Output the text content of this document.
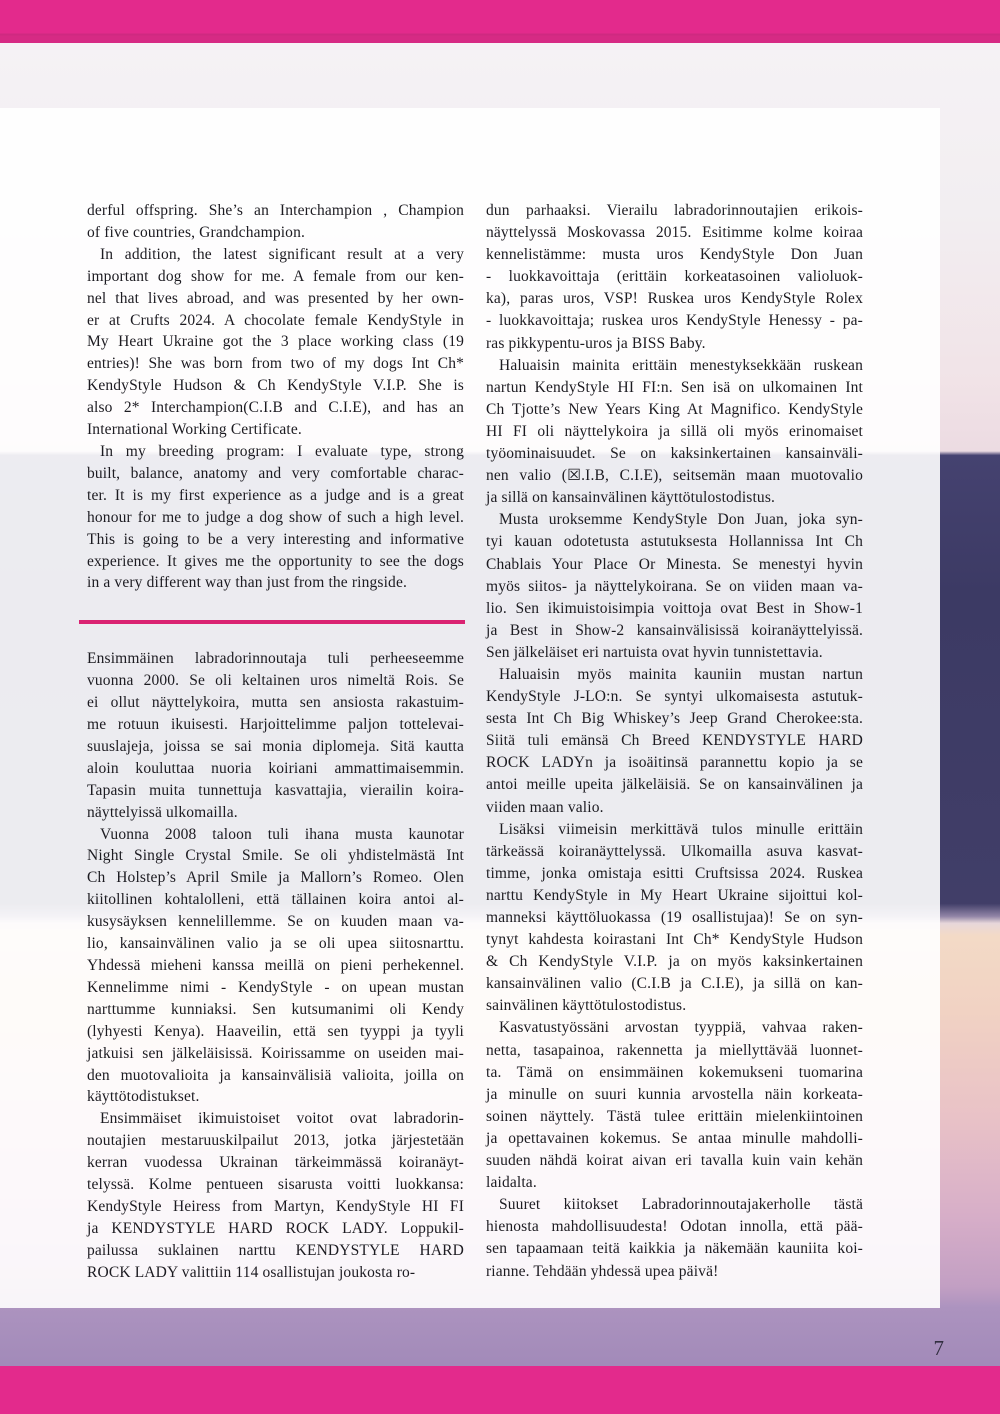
derful offspring. She’s an Interchampion , Champion
of five countries, Grandchampion.
In addition, the latest significant result at a very
important dog show for me. A female from our ken-
nel that lives abroad, and was presented by her own-
er at Crufts 2024. A chocolate female KendyStyle in
My Heart Ukraine got the 3 place working class (19
entries)! She was born from two of my dogs Int Ch*
KendyStyle Hudson & Ch KendyStyle V.I.P. She is
also 2* Interchampion(C.I.B and C.I.E), and has an
International Working Certificate.
In my breeding program: I evaluate type, strong
built, balance, anatomy and very comfortable charac-
ter. It is my first experience as a judge and is a great
honour for me to judge a dog show of such a high level.
This is going to be a very interesting and informative
experience. It gives me the opportunity to see the dogs
in a very different way than just from the ringside.
Ensimmäinen labradorinnoutaja tuli perheeseemme
vuonna 2000. Se oli keltainen uros nimeltä Rois. Se
ei ollut näyttelykoira, mutta sen ansiosta rakastuim-
me rotuun ikuisesti. Harjoittelimme paljon tottelevai-
suuslajeja, joissa se sai monia diplomeja. Sitä kautta
aloin kouluttaa nuoria koiriani ammattimaisemmin.
Tapasin muita tunnettuja kasvattajia, vierailin koira-
näyttelyissä ulkomailla.
Vuonna 2008 taloon tuli ihana musta kaunotar
Night Single Crystal Smile. Se oli yhdistelmästä Int
Ch Holstep’s April Smile ja Mallorn’s Romeo. Olen
kiitollinen kohtalolleni, että tällainen koira antoi al-
kusysäyksen kennelillemme. Se on kuuden maan va-
lio, kansainvälinen valio ja se oli upea siitosnarttu.
Yhdessä mieheni kanssa meillä on pieni perhekennel.
Kennelimme nimi - KendyStyle - on upean mustan
narttumme kunniaksi. Sen kutsumanimi oli Kendy
(lyhyesti Kenya). Haaveilin, että sen tyyppi ja tyyli
jatkuisi sen jälkeläisissä. Koirissamme on useiden mai-
den muotovalioita ja kansainvälisiä valioita, joilla on
käyttötodistukset.
Ensimmäiset ikimuistoiset voitot ovat labradorin-
noutajien mestaruuskilpailut 2013, jotka järjestetään
kerran vuodessa Ukrainan tärkeimmässä koiranäyt-
telyssä. Kolme pentueen sisarusta voitti luokkansa:
KendyStyle Heiress from Martyn, KendyStyle HI FI
ja KENDYSTYLE HARD ROCK LADY. Loppukil-
pailussa suklainen narttu KENDYSTYLE HARD
ROCK LADY valittiin 114 osallistujan joukosta ro-
dun parhaaksi. Vierailu labradorinnoutajien erikois-
näyttelyssä Moskovassa 2015. Esitimme kolme koiraa
kennelistämme: musta uros KendyStyle Don Juan
- luokkavoittaja (erittäin korkeatasoinen valioluok-
ka), paras uros, VSP! Ruskea uros KendyStyle Rolex
- luokkavoittaja; ruskea uros KendyStyle Henessy - pa-
ras pikkypentu-uros ja BISS Baby.
Haluaisin mainita erittäin menestyksekkään ruskean
nartun KendyStyle HI FI:n. Sen isä on ulkomainen Int
Ch Tjotte’s New Years King At Magnifico. KendyStyle
HI FI oli näyttelykoira ja sillä oli myös erinomaiset
työominaisuudet. Se on kaksinkertainen kansainväli-
nen valio (☒.I.B, C.I.E), seitsemän maan muotovalio
ja sillä on kansainvälinen käyttötulostodistus.
Musta uroksemme KendyStyle Don Juan, joka syn-
tyi kauan odotetusta astutuksesta Hollannissa Int Ch
Chablais Your Place Or Minesta. Se menestyi hyvin
myös siitos- ja näyttelykoirana. Se on viiden maan va-
lio. Sen ikimuistoisimpia voittoja ovat Best in Show-1
ja Best in Show-2 kansainvälisissä koiranäyttelyissä.
Sen jälkeläiset eri nartuista ovat hyvin tunnistettavia.
Haluaisin myös mainita kauniin mustan nartun
KendyStyle J-LO:n. Se syntyi ulkomaisesta astutuk-
sesta Int Ch Big Whiskey’s Jeep Grand Cherokee:sta.
Siitä tuli emänsä Ch Breed KENDYSTYLE HARD
ROCK LADYn ja isoäitinsä parannettu kopio ja se
antoi meille upeita jälkeläisiä. Se on kansainvälinen ja
viiden maan valio.
Lisäksi viimeisin merkittävä tulos minulle erittäin
tärkeässä koiranäyttelyssä. Ulkomailla asuva kasvat-
timme, jonka omistaja esitti Cruftsissa 2024. Ruskea
narttu KendyStyle in My Heart Ukraine sijoittui kol-
manneksi käyttöluokassa (19 osallistujaa)! Se on syn-
tynyt kahdesta koirastani Int Ch* KendyStyle Hudson
& Ch KendyStyle V.I.P. ja on myös kaksinkertainen
kansainvälinen valio (C.I.B ja C.I.E), ja sillä on kan-
sainvälinen käyttötulostodistus.
Kasvatustyössäni arvostan tyyppiä, vahvaa raken-
netta, tasapainoa, rakennetta ja miellyttävää luonnet-
ta. Tämä on ensimmäinen kokemukseni tuomarina
ja minulle on suuri kunnia arvostella näin korkeata-
soinen näyttely. Tästä tulee erittäin mielenkiintoinen
ja opettavainen kokemus. Se antaa minulle mahdolli-
suuden nähdä koirat aivan eri tavalla kuin vain kehän
laidalta.
Suuret kiitokset Labradorinnoutajakerholle tästä
hienosta mahdollisuudesta! Odotan innolla, että pää-
sen tapaamaan teitä kaikkia ja näkemään kauniita koi-
rianne. Tehdään yhdessä upea päivä!
7
